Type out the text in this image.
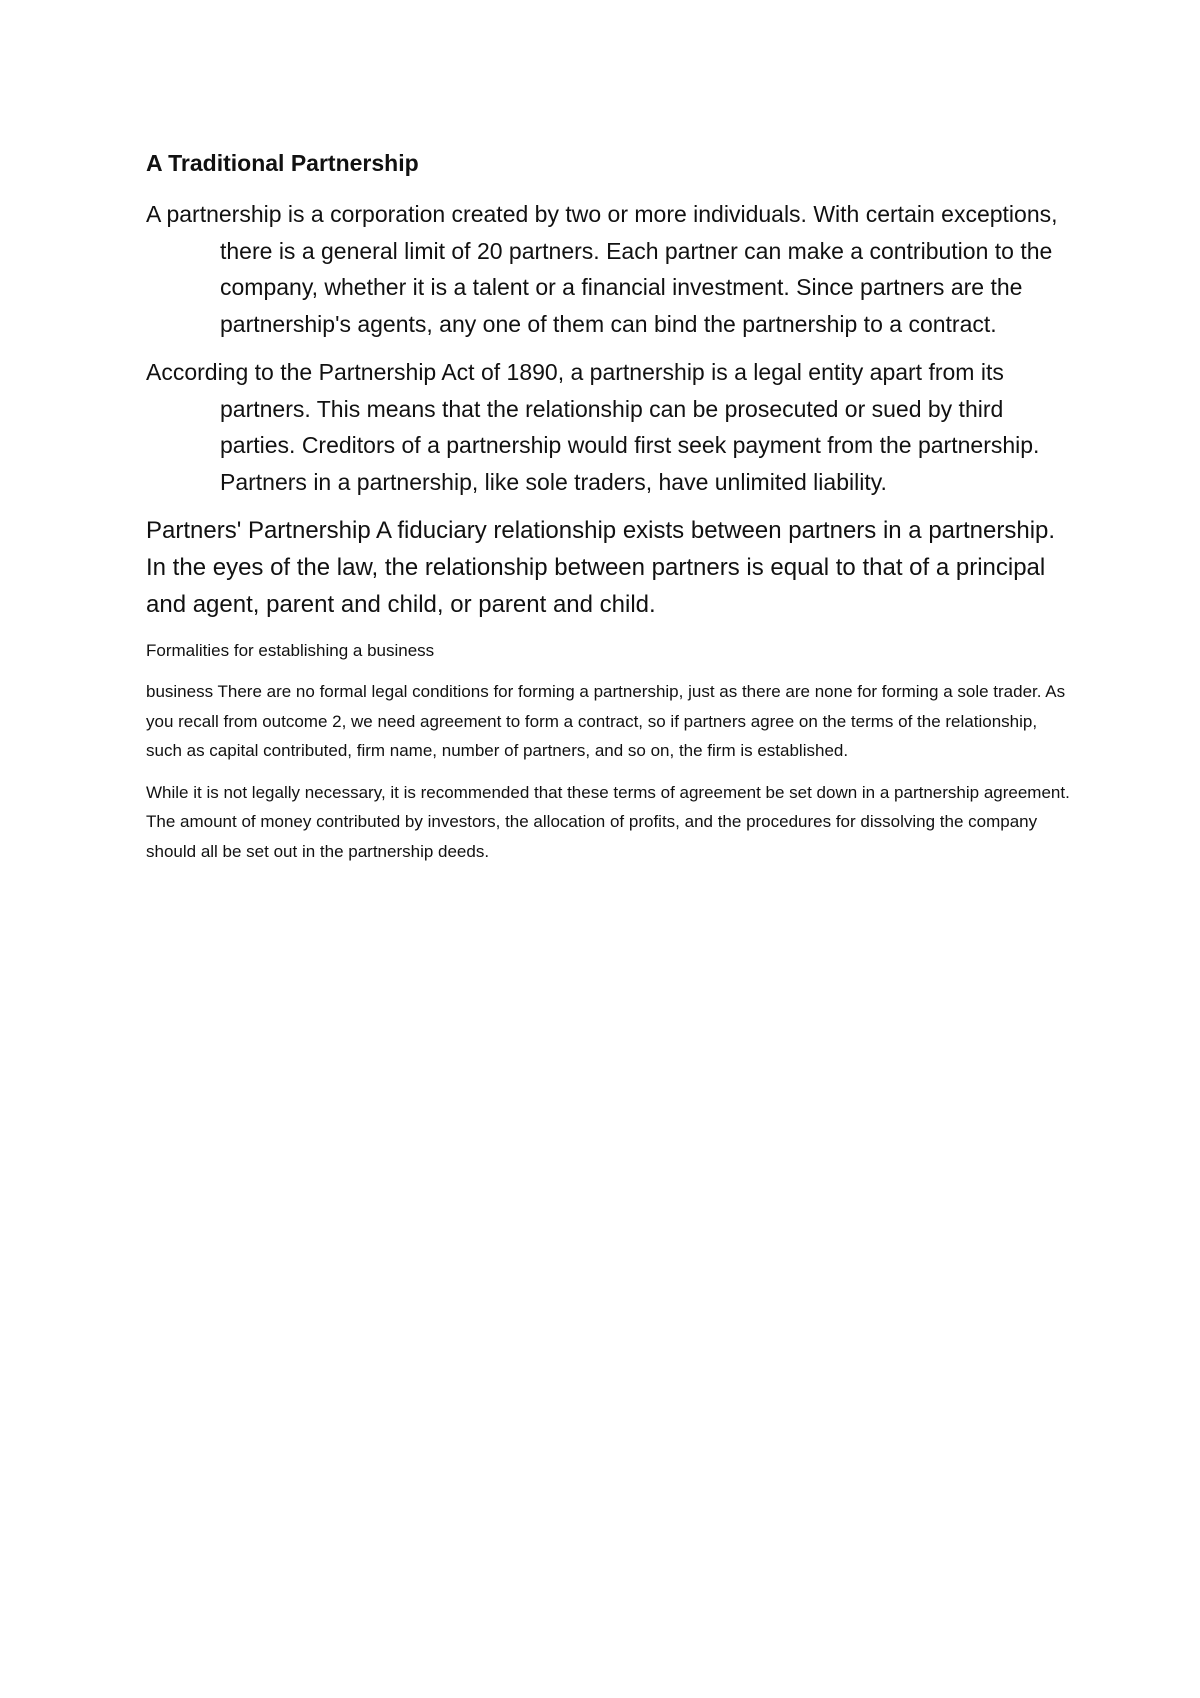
A Traditional Partnership

A partnership is a corporation created by two or more individuals. With certain exceptions, there is a general limit of 20 partners. Each partner can make a contribution to the company, whether it is a talent or a financial investment. Since partners are the partnership's agents, any one of them can bind the partnership to a contract.

According to the Partnership Act of 1890, a partnership is a legal entity apart from its partners. This means that the relationship can be prosecuted or sued by third parties. Creditors of a partnership would first seek payment from the partnership. Partners in a partnership, like sole traders, have unlimited liability.

Partners' Partnership A fiduciary relationship exists between partners in a partnership. In the eyes of the law, the relationship between partners is equal to that of a principal and agent, parent and child, or parent and child.

Formalities for establishing a business

business There are no formal legal conditions for forming a partnership, just as there are none for forming a sole trader. As you recall from outcome 2, we need agreement to form a contract, so if partners agree on the terms of the relationship, such as capital contributed, firm name, number of partners, and so on, the firm is established.

While it is not legally necessary, it is recommended that these terms of agreement be set down in a partnership agreement. The amount of money contributed by investors, the allocation of profits, and the procedures for dissolving the company should all be set out in the partnership deeds.
